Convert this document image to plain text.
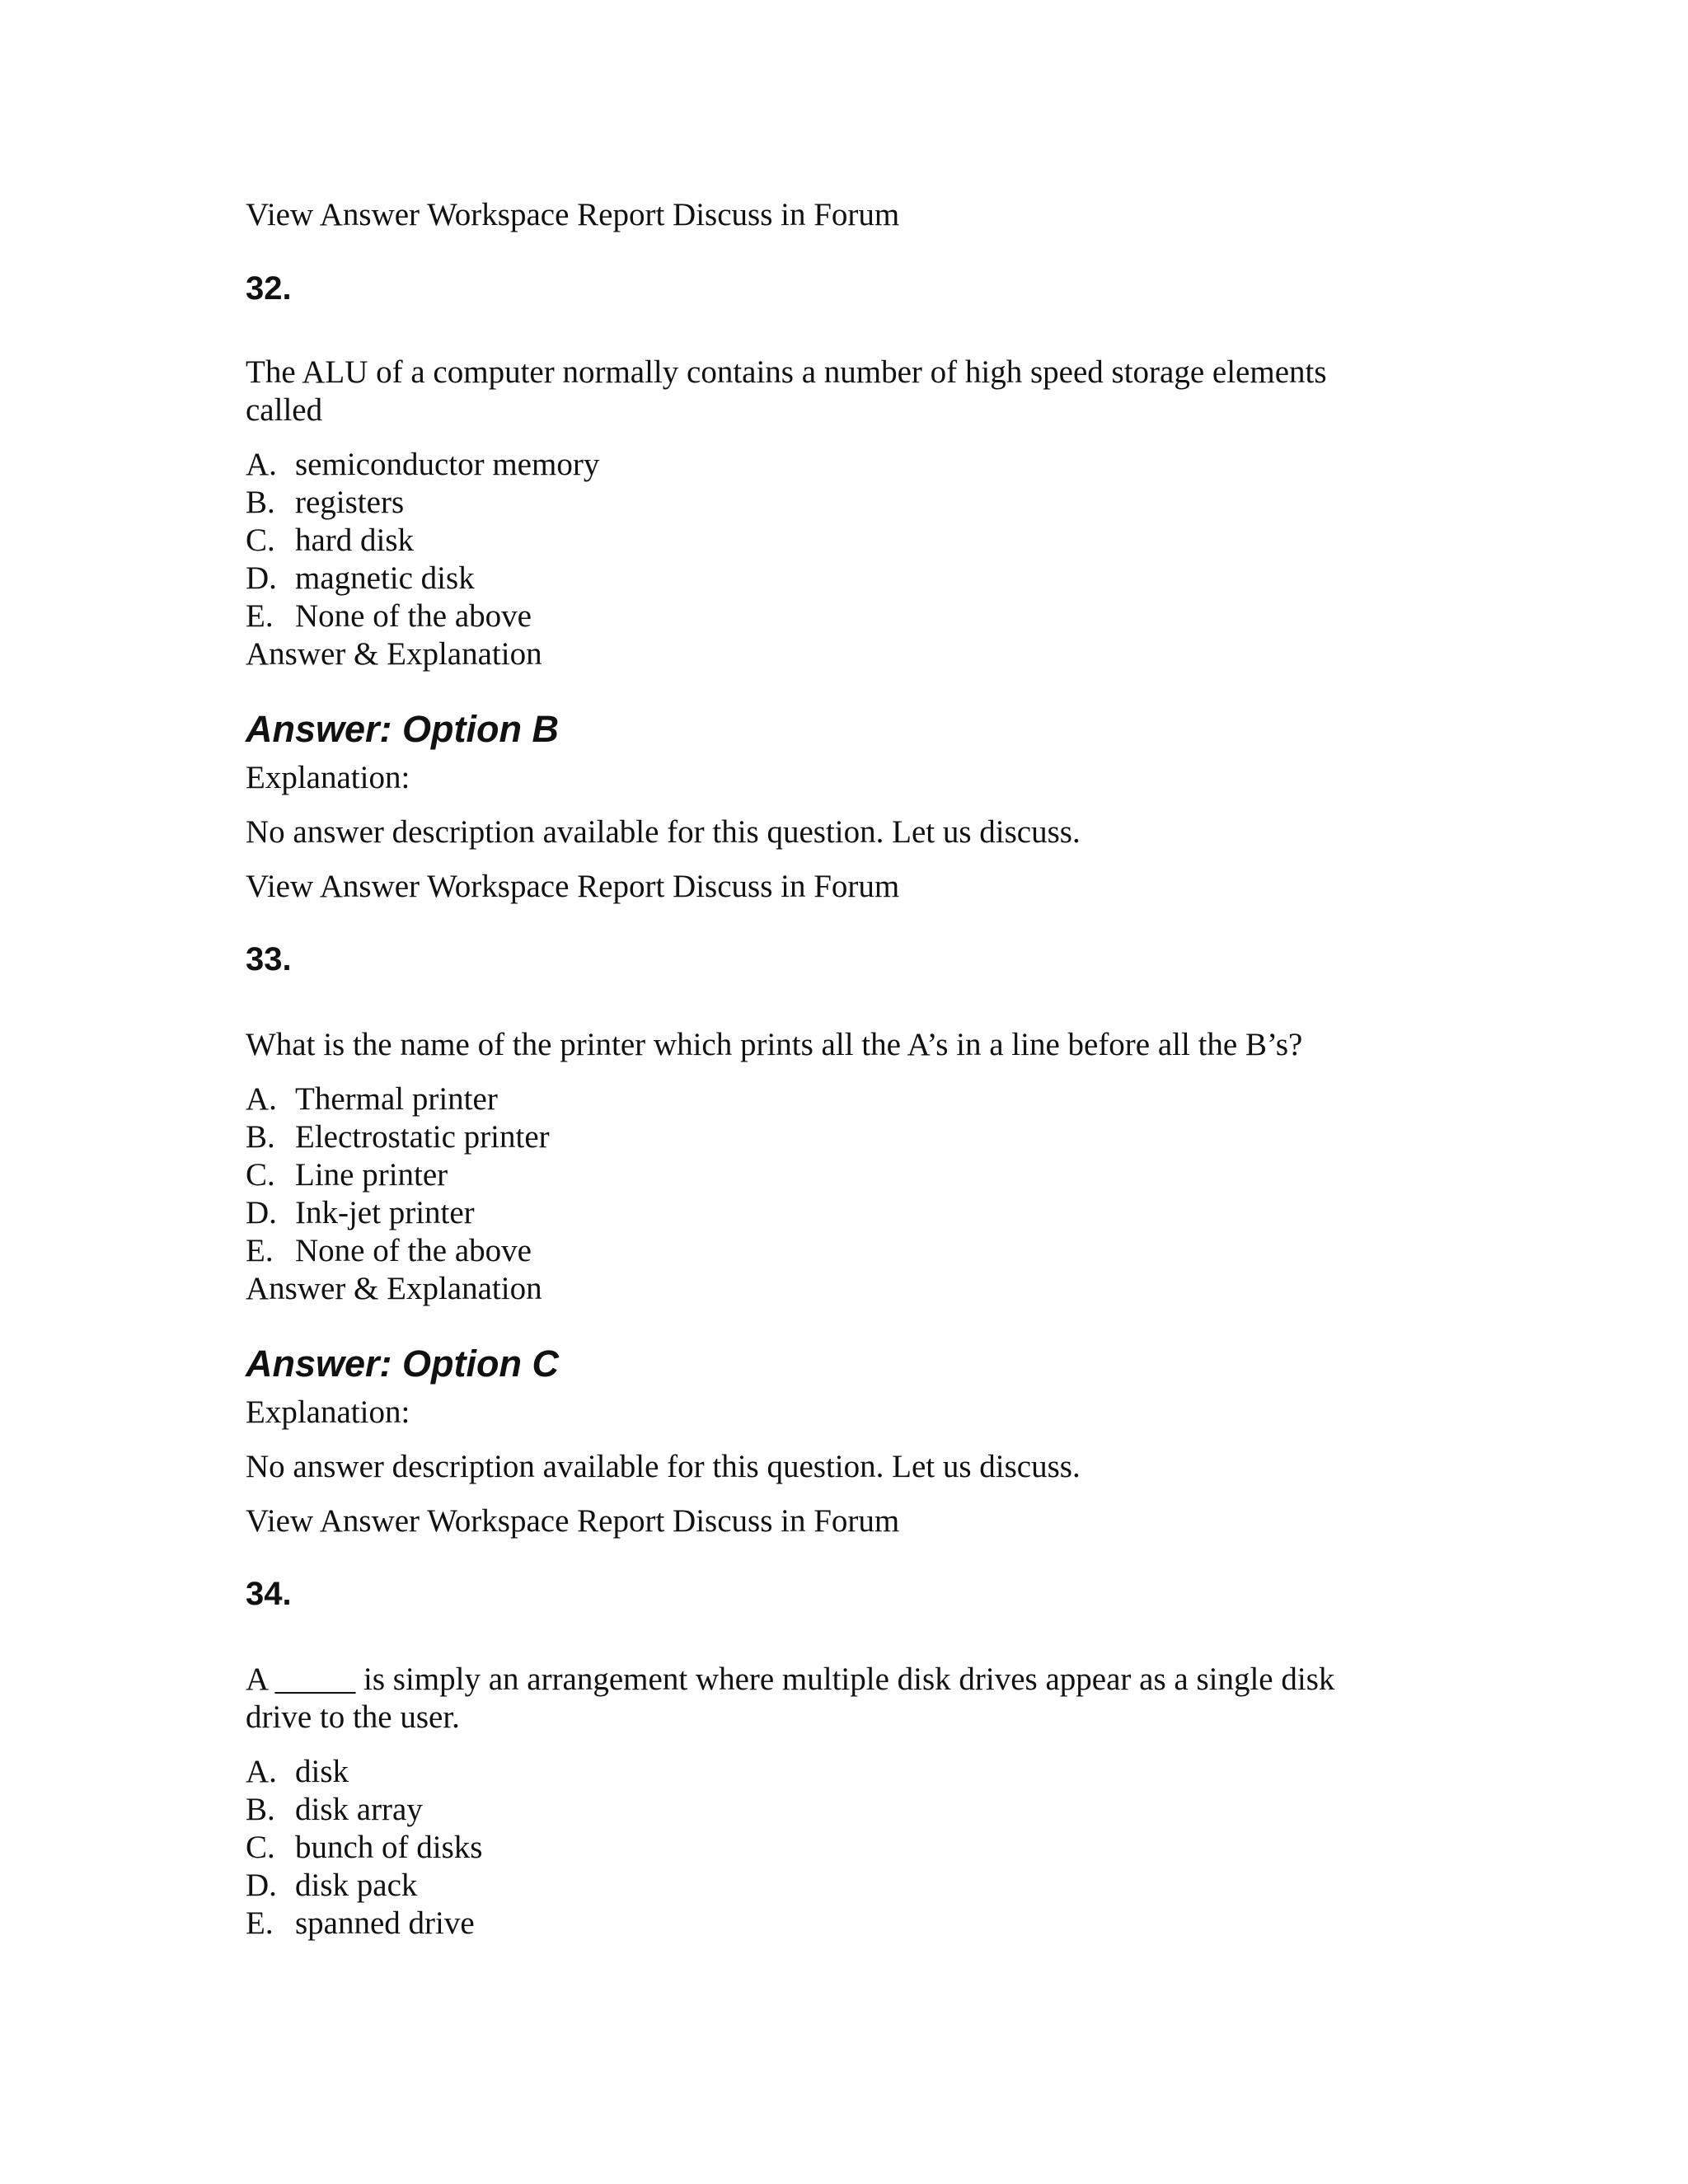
View Answer Workspace Report Discuss in Forum
32.
The ALU of a computer normally contains a number of high speed storage elements
called
A. semiconductor memory
B. registers
C. hard disk
D. magnetic disk
E. None of the above
Answer & Explanation
Answer: Option B
Explanation:
No answer description available for this question. Let us discuss.
View Answer Workspace Report Discuss in Forum
33.
What is the name of the printer which prints all the A’s in a line before all the B’s?
A. Thermal printer
B. Electrostatic printer
C. Line printer
D. Ink-jet printer
E. None of the above
Answer & Explanation
Answer: Option C
Explanation:
No answer description available for this question. Let us discuss.
View Answer Workspace Report Discuss in Forum
34.
A _____ is simply an arrangement where multiple disk drives appear as a single disk
drive to the user.
A. disk
B. disk array
C. bunch of disks
D. disk pack
E. spanned drive
